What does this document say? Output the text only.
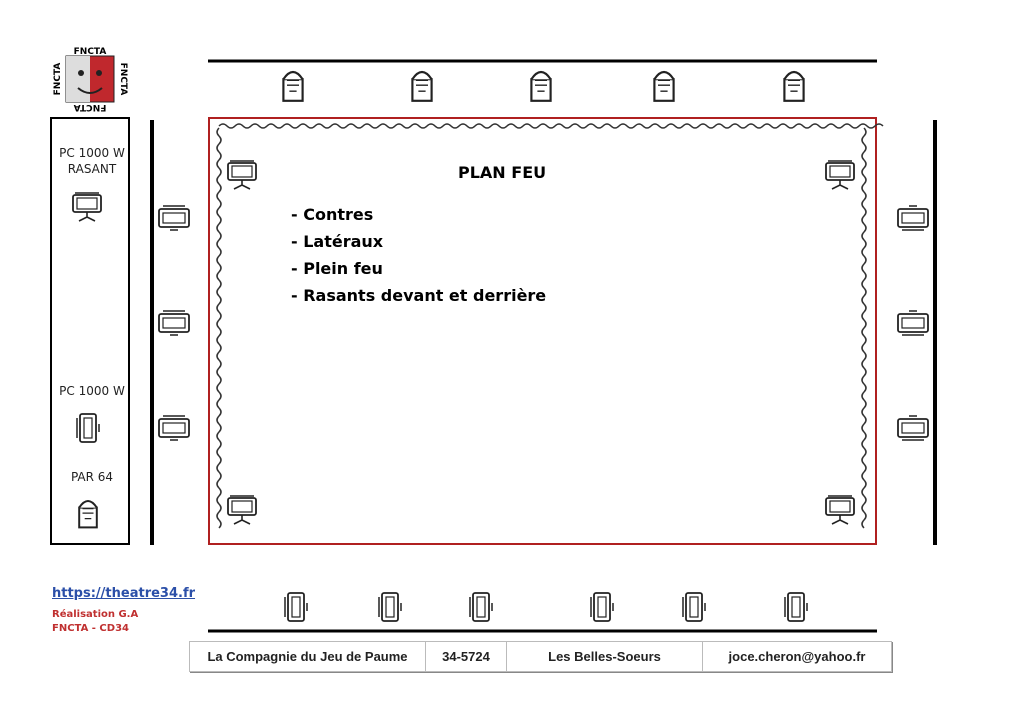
FNCTA
FNCTA
FNCTA	FNCTA
PC 1000 W
RASANT
PC 1000 W
PAR 64
PLAN FEU
- Contres
- Latéraux
- Plein feu
- Rasants devant et derrière
https://theatre34.fr
Réalisation G.A
FNCTA - CD34
La Compagnie du Jeu de Paume	34-5724	Les Belles-Soeurs	joce.cheron@yahoo.fr
